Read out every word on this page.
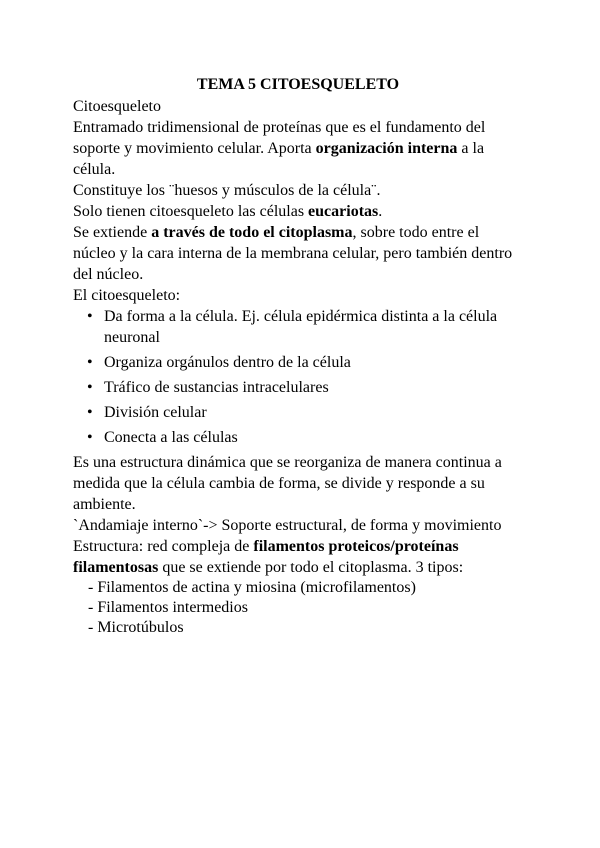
TEMA 5 CITOESQUELETO

Citoesqueleto

Entramado tridimensional de proteínas que es el fundamento del soporte y movimiento celular. Aporta organización interna a la célula.

Constituye los ¨huesos y músculos de la célula¨.

Solo tienen citoesqueleto las células eucariotas.

Se extiende a través de todo el citoplasma, sobre todo entre el núcleo y la cara interna de la membrana celular, pero también dentro del núcleo.

El citoesqueleto:

• Da forma a la célula. Ej. célula epidérmica distinta a la célula neuronal
• Organiza orgánulos dentro de la célula
• Tráfico de sustancias intracelulares
• División celular
• Conecta a las células

Es una estructura dinámica que se reorganiza de manera continua a medida que la célula cambia de forma, se divide y responde a su ambiente.

`Andamiaje interno`-> Soporte estructural, de forma y movimiento

Estructura: red compleja de filamentos proteicos/proteínas filamentosas que se extiende por todo el citoplasma. 3 tipos:

- Filamentos de actina y miosina (microfilamentos)
- Filamentos intermedios
- Microtúbulos
